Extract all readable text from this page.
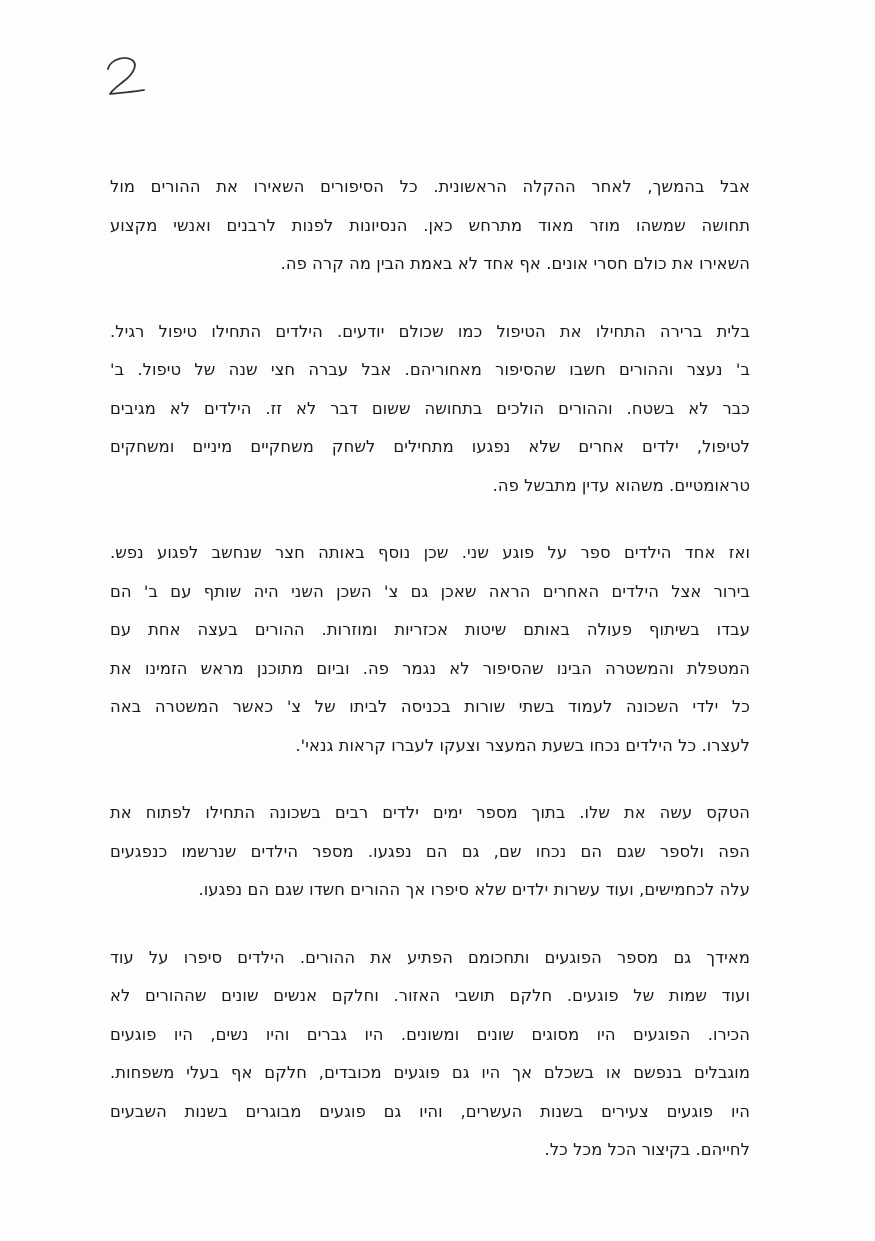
אבל בהמשך, לאחר ההקלה הראשונית. כל הסיפורים השאירו את ההורים מול
תחושה שמשהו מוזר מאוד מתרחש כאן. הנסיונות לפנות לרבנים ואנשי מקצוע
השאירו את כולם חסרי אונים. אף אחד לא באמת הבין מה קרה פה.
בלית ברירה התחילו את הטיפול כמו שכולם יודעים. הילדים התחילו טיפול רגיל.
ב' נעצר וההורים חשבו שהסיפור מאחוריהם. אבל עברה חצי שנה של טיפול. ב'
כבר לא בשטח. וההורים הולכים בתחושה ששום דבר לא זז. הילדים לא מגיבים
לטיפול, ילדים אחרים שלא נפגעו מתחילים לשחק משחקיים מיניים ומשחקים
טראומטיים. משהוא עדין מתבשל פה.
ואז אחד הילדים ספר על פוגע שני. שכן נוסף באותה חצר שנחשב לפגוע נפש.
בירור אצל הילדים האחרים הראה שאכן גם צ' השכן השני היה שותף עם ב' הם
עבדו בשיתוף פעולה באותם שיטות אכזריות ומוזרות. ההורים בעצה אחת עם
המטפלת והמשטרה הבינו שהסיפור לא נגמר פה. וביום מתוכנן מראש הזמינו את
כל ילדי השכונה לעמוד בשתי שורות בכניסה לביתו של צ' כאשר המשטרה באה
לעצרו. כל הילדים נכחו בשעת המעצר וצעקו לעברו קראות גנאי'.
הטקס עשה את שלו. בתוך מספר ימים ילדים רבים בשכונה התחילו לפתוח את
הפה ולספר שגם הם נכחו שם, גם הם נפגעו. מספר הילדים שנרשמו כנפגעים
עלה לכחמישים, ועוד עשרות ילדים שלא סיפרו אך ההורים חשדו שגם הם נפגעו.
מאידך גם מספר הפוגעים ותחכומם הפתיע את ההורים. הילדים סיפרו על עוד
ועוד שמות של פוגעים. חלקם תושבי האזור. וחלקם אנשים שונים שההורים לא
הכירו. הפוגעים היו מסוגים שונים ומשונים. היו גברים והיו נשים, היו פוגעים
מוגבלים בנפשם או בשכלם אך היו גם פוגעים מכובדים, חלקם אף בעלי משפחות.
היו פוגעים צעירים בשנות העשרים, והיו גם פוגעים מבוגרים בשנות השבעים
לחייהם. בקיצור הכל מכל כל.
